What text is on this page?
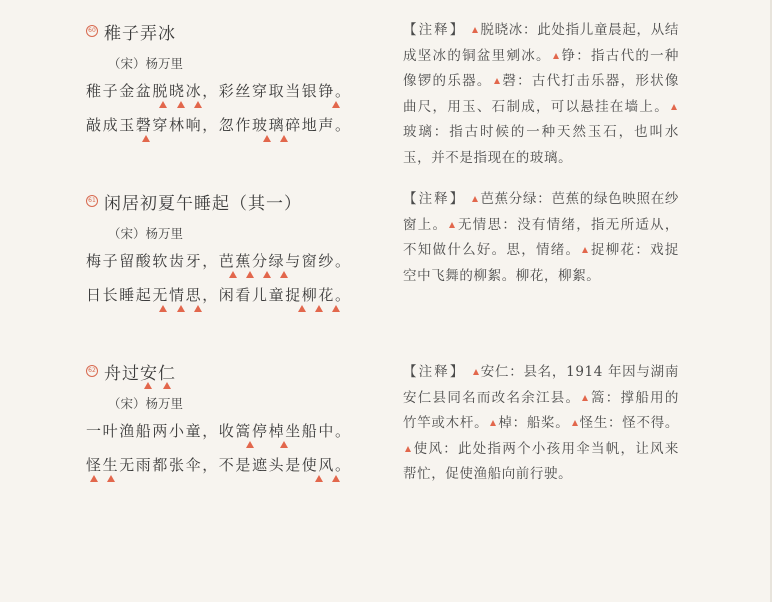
60 稚子弄冰
（宋）杨万里
稚子金盆脱晓冰，彩丝穿取当银铮。
敲成玉磬穿林响，忽作玻璃碎地声。
【注释】 脱晓冰：此处指儿童晨起，从结成坚冰的铜盆里剜冰。 铮：指古代的一种像锣的乐器。 磬：古代打击乐器，形状像曲尺，用玉、石制成，可以悬挂在墙上。玻璃：指古时候的一种天然玉石，也叫水玉，并不是指现在的玻璃。
61 闲居初夏午睡起（其一）
（宋）杨万里
梅子留酸软齿牙，芭蕉分绿与窗纱。
日长睡起无情思，闲看儿童捉柳花。
【注释】 芭蕉分绿：芭蕉的绿色映照在纱窗上。 无情思：没有情绪，指无所适从，不知做什么好。思，情绪。 捉柳花：戏捉空中飞舞的柳絮。柳花，柳絮。
62 舟过安仁
（宋）杨万里
一叶渔船两小童，收篙停棹坐船中。
怪生无雨都张伞，不是遮头是使风。
【注释】 安仁：县名，1914 年因与湖南安仁县同名而改名余江县。 篙：撑船用的竹竿或木杆。 棹：船桨。 怪生：怪不得。使风：此处指两个小孩用伞当帆，让风来帮忙，促使渔船向前行驶。
